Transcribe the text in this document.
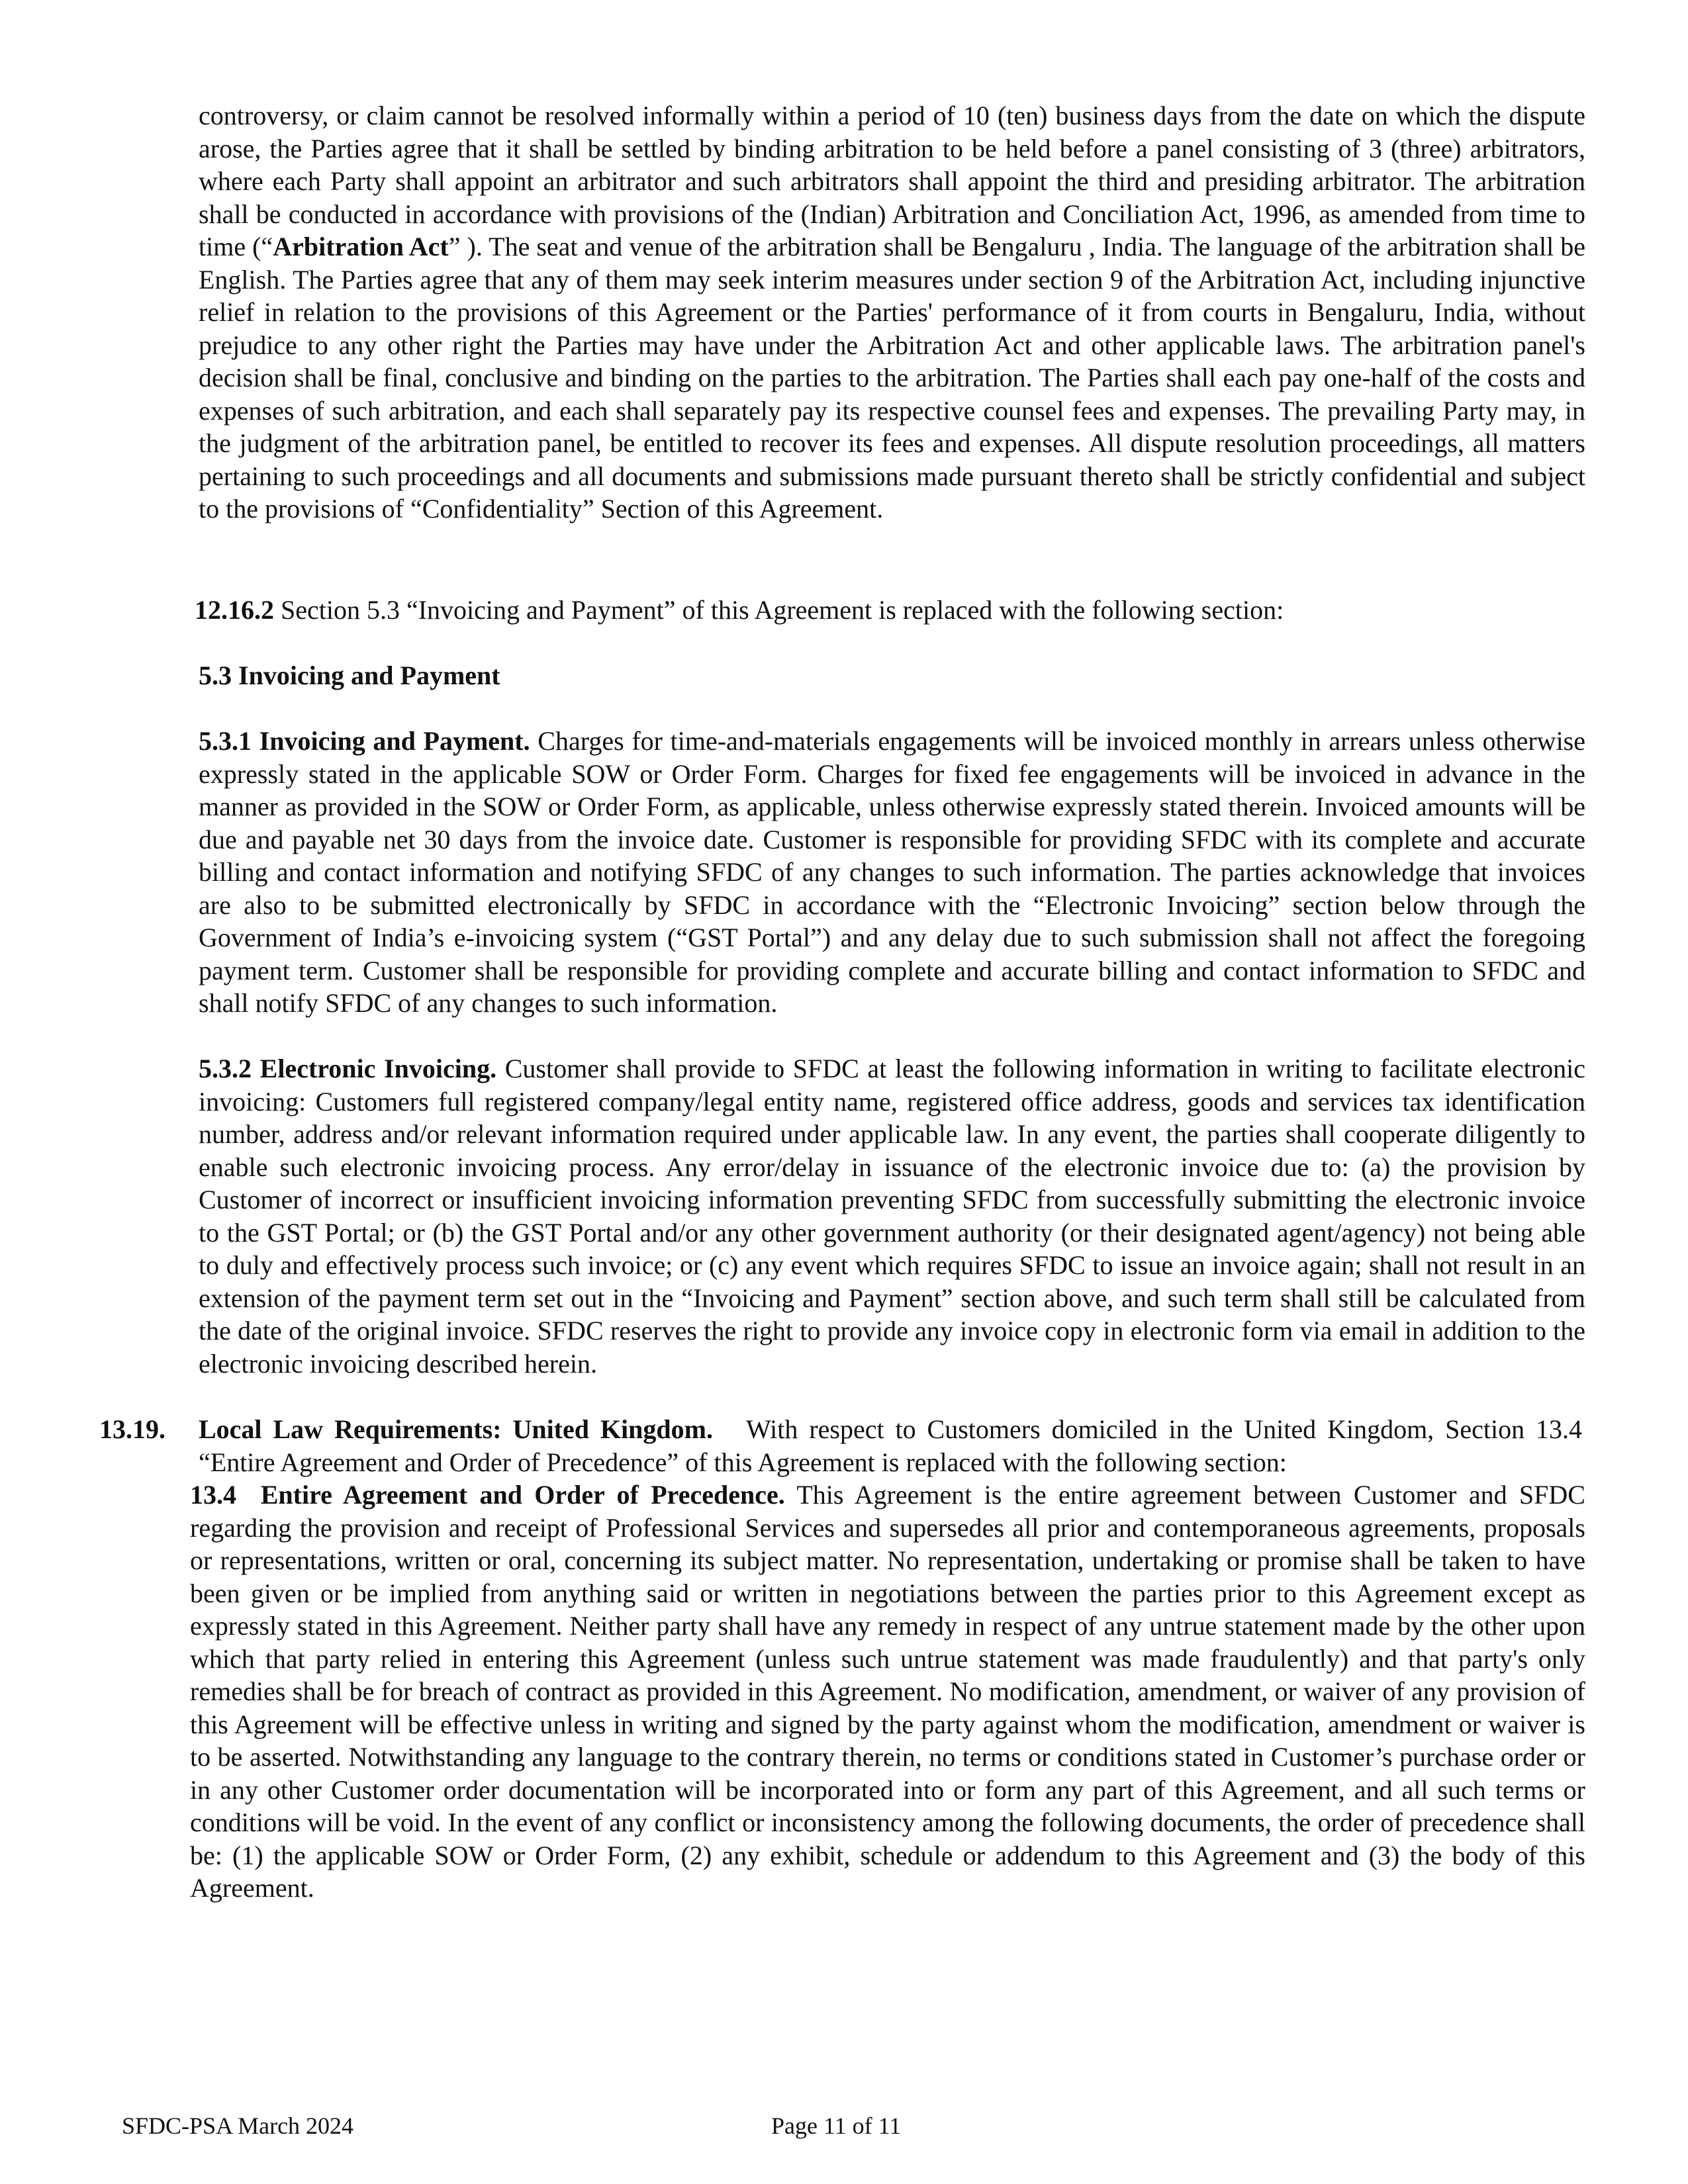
controversy, or claim cannot be resolved informally within a period of 10 (ten) business days from the date on which the dispute arose, the Parties agree that it shall be settled by binding arbitration to be held before a panel consisting of 3 (three) arbitrators, where each Party shall appoint an arbitrator and such arbitrators shall appoint the third and presiding arbitrator. The arbitration shall be conducted in accordance with provisions of the (Indian) Arbitration and Conciliation Act, 1996, as amended from time to time (“Arbitration Act” ). The seat and venue of the arbitration shall be Bengaluru , India. The language of the arbitration shall be English. The Parties agree that any of them may seek interim measures under section 9 of the Arbitration Act, including injunctive relief in relation to the provisions of this Agreement or the Parties' performance of it from courts in Bengaluru, India, without prejudice to any other right the Parties may have under the Arbitration Act and other applicable laws. The arbitration panel's decision shall be final, conclusive and binding on the parties to the arbitration. The Parties shall each pay one-half of the costs and expenses of such arbitration, and each shall separately pay its respective counsel fees and expenses. The prevailing Party may, in the judgment of the arbitration panel, be entitled to recover its fees and expenses. All dispute resolution proceedings, all matters pertaining to such proceedings and all documents and submissions made pursuant thereto shall be strictly confidential and subject to the provisions of “Confidentiality” Section of this Agreement.

12.16.2 Section 5.3 “Invoicing and Payment” of this Agreement is replaced with the following section:

5.3 Invoicing and Payment

5.3.1 Invoicing and Payment. Charges for time-and-materials engagements will be invoiced monthly in arrears unless otherwise expressly stated in the applicable SOW or Order Form. Charges for fixed fee engagements will be invoiced in advance in the manner as provided in the SOW or Order Form, as applicable, unless otherwise expressly stated therein. Invoiced amounts will be due and payable net 30 days from the invoice date. Customer is responsible for providing SFDC with its complete and accurate billing and contact information and notifying SFDC of any changes to such information. The parties acknowledge that invoices are also to be submitted electronically by SFDC in accordance with the “Electronic Invoicing” section below through the Government of India’s e-invoicing system (“GST Portal”) and any delay due to such submission shall not affect the foregoing payment term. Customer shall be responsible for providing complete and accurate billing and contact information to SFDC and shall notify SFDC of any changes to such information.

5.3.2 Electronic Invoicing. Customer shall provide to SFDC at least the following information in writing to facilitate electronic invoicing: Customers full registered company/legal entity name, registered office address, goods and services tax identification number, address and/or relevant information required under applicable law. In any event, the parties shall cooperate diligently to enable such electronic invoicing process. Any error/delay in issuance of the electronic invoice due to: (a) the provision by Customer of incorrect or insufficient invoicing information preventing SFDC from successfully submitting the electronic invoice to the GST Portal; or (b) the GST Portal and/or any other government authority (or their designated agent/agency) not being able to duly and effectively process such invoice; or (c) any event which requires SFDC to issue an invoice again; shall not result in an extension of the payment term set out in the “Invoicing and Payment” section above, and such term shall still be calculated from the date of the original invoice. SFDC reserves the right to provide any invoice copy in electronic form via email in addition to the electronic invoicing described herein.

13.19. Local Law Requirements: United Kingdom.   With respect to Customers domiciled in the United Kingdom, Section 13.4 “Entire Agreement and Order of Precedence” of this Agreement is replaced with the following section:

13.4  Entire Agreement and Order of Precedence. This Agreement is the entire agreement between Customer and SFDC regarding the provision and receipt of Professional Services and supersedes all prior and contemporaneous agreements, proposals or representations, written or oral, concerning its subject matter. No representation, undertaking or promise shall be taken to have been given or be implied from anything said or written in negotiations between the parties prior to this Agreement except as expressly stated in this Agreement. Neither party shall have any remedy in respect of any untrue statement made by the other upon which that party relied in entering this Agreement (unless such untrue statement was made fraudulently) and that party's only remedies shall be for breach of contract as provided in this Agreement. No modification, amendment, or waiver of any provision of this Agreement will be effective unless in writing and signed by the party against whom the modification, amendment or waiver is to be asserted. Notwithstanding any language to the contrary therein, no terms or conditions stated in Customer’s purchase order or in any other Customer order documentation will be incorporated into or form any part of this Agreement, and all such terms or conditions will be void. In the event of any conflict or inconsistency among the following documents, the order of precedence shall be: (1) the applicable SOW or Order Form, (2) any exhibit, schedule or addendum to this Agreement and (3) the body of this Agreement.

SFDC-PSA March 2024	Page 11 of 11
